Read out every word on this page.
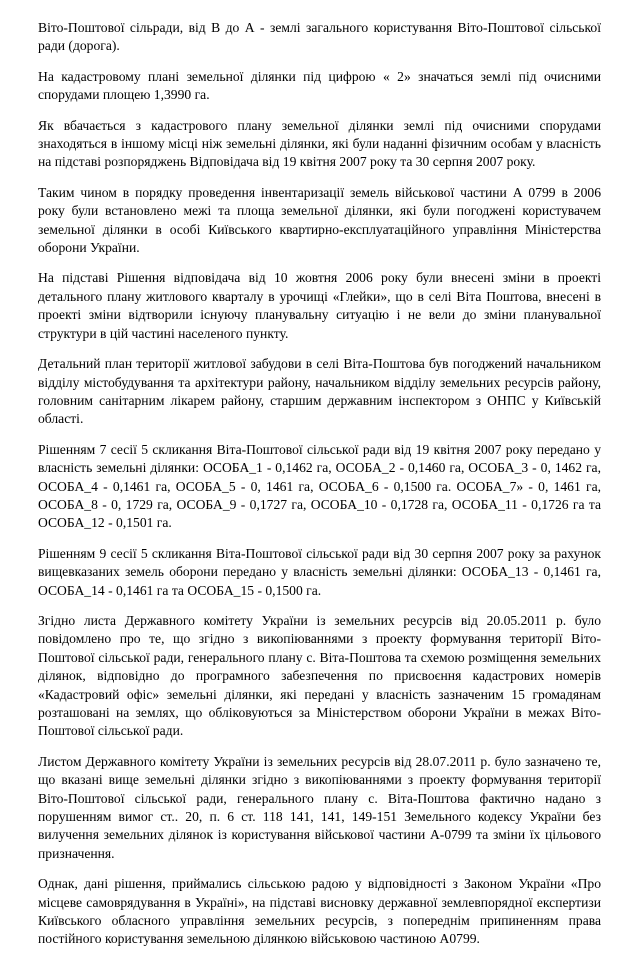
Віто-Поштової сільради, від В до А - землі загального користування Віто-Поштової сільської ради (дорога).

На кадастровому плані земельної ділянки під цифрою « 2» значаться землі під очисними спорудами площею 1,3990 га.

Як вбачається з кадастрового плану земельної ділянки землі під очисними спорудами знаходяться в іншому місці ніж земельні ділянки, які були наданні фізичним особам у власність на підставі розпоряджень Відповідача від 19 квітня 2007 року та 30 серпня 2007 року.

Таким чином в порядку проведення інвентаризації земель військової частини А 0799 в 2006 року були встановлено межі та площа земельної ділянки, які були погоджені користувачем земельної ділянки в особі Київського квартирно-експлуатаційного управління Міністерства оборони України.

На підставі Рішення відповідача від 10 жовтня 2006 року були внесені зміни в проекті детального плану житлового кварталу в урочищі «Глейки», що в селі Віта Поштова, внесені в проекті зміни відтворили існуючу планувальну ситуацію і не вели до зміни планувальної структури в цій частині населеного пункту.

Детальний план території житлової забудови в селі Віта-Поштова був погоджений начальником відділу містобудування та архітектури району, начальником відділу земельних ресурсів району, головним санітарним лікарем району, старшим державним інспектором з ОНПС у Київській області.

Рішенням 7 сесії 5 скликання Віта-Поштової сільської ради від 19 квітня 2007 року передано у власність земельні ділянки: ОСОБА_1 - 0,1462 га, ОСОБА_2 - 0,1460 га, ОСОБА_3 - 0, 1462 га, ОСОБА_4 - 0,1461 га, ОСОБА_5 - 0, 1461 га, ОСОБА_6 - 0,1500 га. ОСОБА_7» - 0, 1461 га, ОСОБА_8 - 0, 1729 га, ОСОБА_9 - 0,1727 га, ОСОБА_10 - 0,1728 га, ОСОБА_11 - 0,1726 га та ОСОБА_12 - 0,1501 га.

Рішенням 9 сесії 5 скликання Віта-Поштової сільської ради від 30 серпня 2007 року за рахунок вищевказаних земель оборони передано у власність земельні ділянки: ОСОБА_13 - 0,1461 га, ОСОБА_14 - 0,1461 га та ОСОБА_15 - 0,1500 га.

Згідно листа Державного комітету України із земельних ресурсів від 20.05.2011 р. було повідомлено про те, що згідно з викопіюваннями з проекту формування території Віто-Поштової сільської ради, генерального плану с. Віта-Поштова та схемою розміщення земельних ділянок, відповідно до програмного забезпечення по присвоєння кадастрових номерів «Кадастровий офіс» земельні ділянки, які передані у власність зазначеним 15 громадянам розташовані на землях, що обліковуються за Міністерством оборони України в межах Віто-Поштової сільської ради.

Листом Державного комітету України із земельних ресурсів від 28.07.2011 р. було зазначено те, що вказані вище земельні ділянки згідно з викопіюваннями з проекту формування території Віто-Поштової сільської ради, генерального плану с. Віта-Поштова фактично надано з порушенням вимог ст.. 20, п. 6 ст. 118 141, 141, 149-151 Земельного кодексу України без вилучення земельних ділянок із користування військової частини А-0799 та зміни їх цільового призначення.

Однак, дані рішення, приймались сільською радою у відповідності з Законом України «Про місцеве самоврядування в Україні», на підставі висновку державної землевпорядної експертизи Київського обласного управління земельних ресурсів, з попереднім припиненням права постійного користування земельною ділянкою військовою частиною А0799.
